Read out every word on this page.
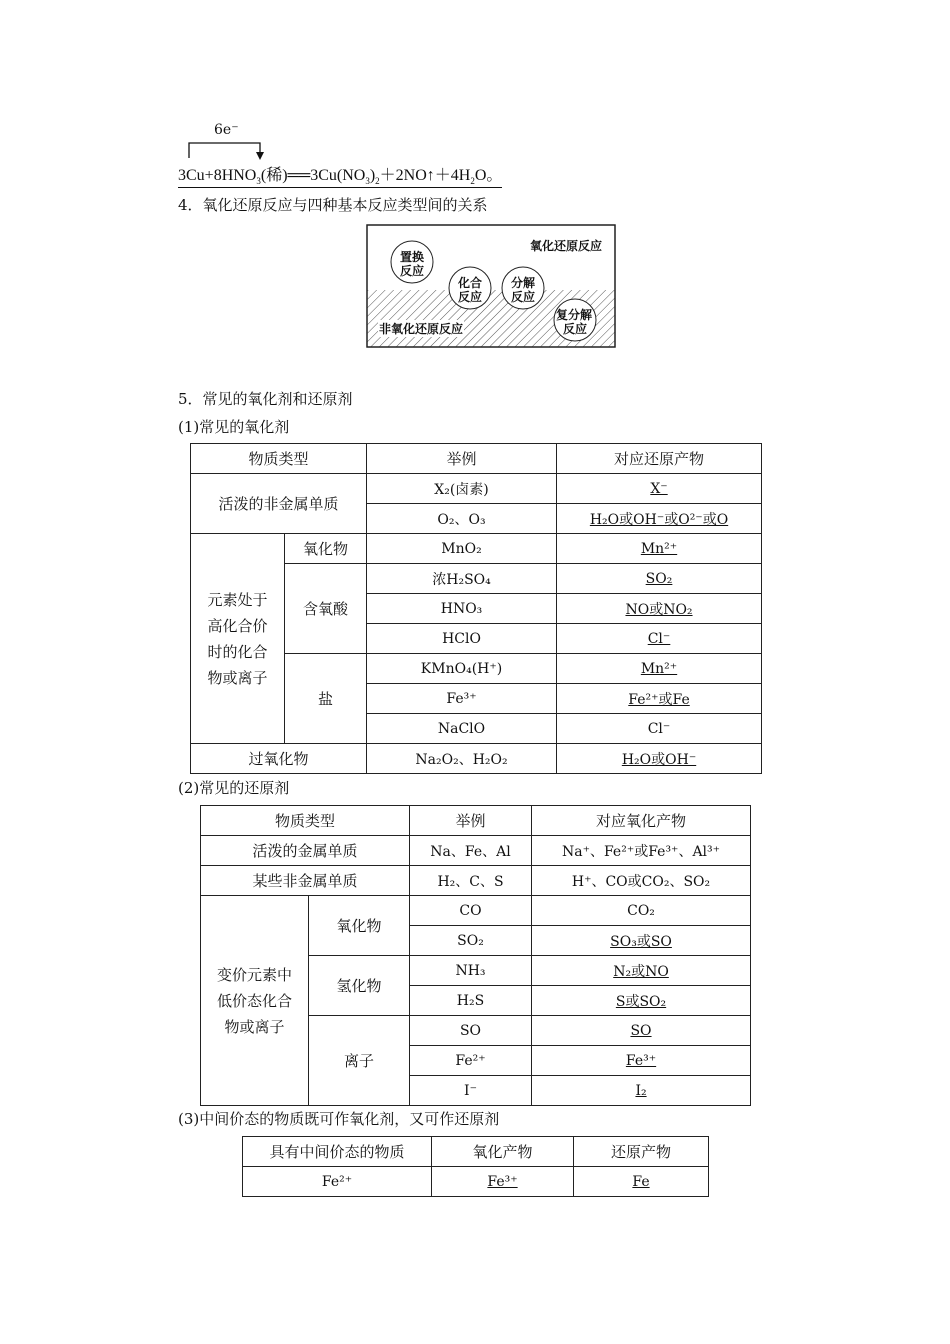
6e⁻
$3Cu+8HNO_3$(稀)$══3Cu(NO_3)_2+2NO↑+4H_2O$。
4．氧化还原反应与四种基本反应类型间的关系
氧化还原反应
非氧化还原反应
置换
反应
化合
反应
分解
反应
复分解
反应
5．常见的氧化剂和还原剂
(1)常见的氧化剂
物质类型		举例	对应还原产物
活泼的非金属单质		X₂(卤素)	X⁻
		O₂、O₃	H₂O或OH⁻或O²⁻或O

元素处于
高化合价
时的化合
物或离子	氧化物	MnO₂	Mn²⁺
	含氧酸	浓H₂SO₄	SO₂
		HNO₃	NO或NO₂
		HClO	Cl⁻
	盐	KMnO₄(H⁺)	Mn²⁺
		Fe³⁺	Fe²⁺或Fe
		NaClO	Cl⁻
过氧化物		Na₂O₂、H₂O₂	H₂O或OH⁻
(2)常见的还原剂
物质类型		举例	对应氧化产物
活泼的金属单质		Na、Fe、Al	Na⁺、Fe²⁺或Fe³⁺、Al³⁺
某些非金属单质		H₂、C、S	H⁺、CO或CO₂、SO₂

变价元素中
低价态化合
物或离子	氧化物	CO	CO₂
		SO₂	SO₃或SO
	氢化物	NH₃	N₂或NO
		H₂S	S或SO₂
	离子	SO	SO
		Fe²⁺	Fe³⁺
		I⁻	I₂
(3)中间价态的物质既可作氧化剂，又可作还原剂
具有中间价态的物质	氧化产物	还原产物
Fe²⁺	Fe³⁺	Fe
